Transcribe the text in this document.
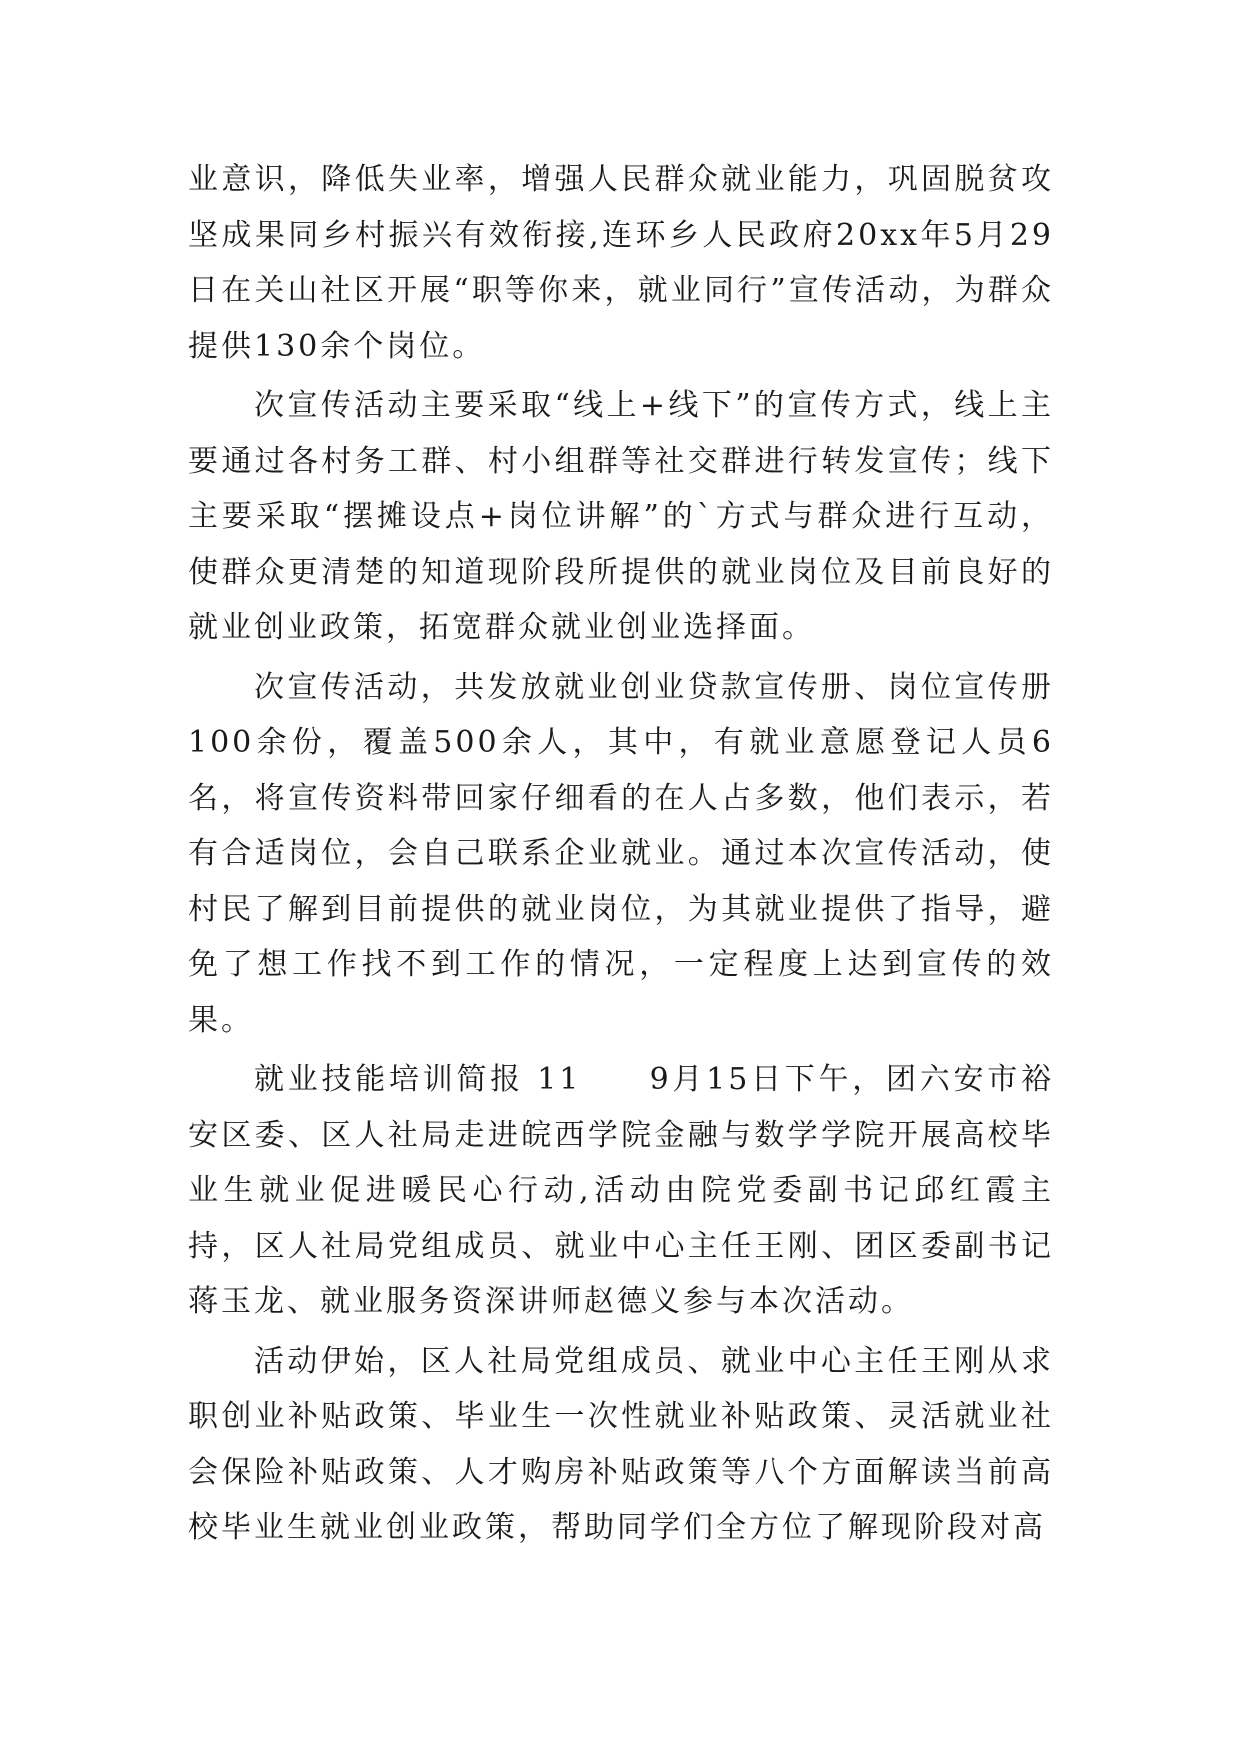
业意识，降低失业率，增强人民群众就业能力，巩固脱贫攻坚成果同乡村振兴有效衔接,连环乡人民政府20xx年5月29日在关山社区开展“职等你来，就业同行”宣传活动，为群众提供130余个岗位。

次宣传活动主要采取“线上+线下”的宣传方式，线上主要通过各村务工群、村小组群等社交群进行转发宣传；线下主要采取“摆摊设点+岗位讲解”的`方式与群众进行互动，使群众更清楚的知道现阶段所提供的就业岗位及目前良好的就业创业政策，拓宽群众就业创业选择面。

次宣传活动，共发放就业创业贷款宣传册、岗位宣传册100余份，覆盖500余人，其中，有就业意愿登记人员6名，将宣传资料带回家仔细看的在人占多数，他们表示，若有合适岗位，会自己联系企业就业。通过本次宣传活动，使村民了解到目前提供的就业岗位，为其就业提供了指导，避免了想工作找不到工作的情况，一定程度上达到宣传的效果。

就业技能培训简报 11　　9月15日下午，团六安市裕安区委、区人社局走进皖西学院金融与数学学院开展高校毕业生就业促进暖民心行动,活动由院党委副书记邱红霞主持，区人社局党组成员、就业中心主任王刚、团区委副书记蒋玉龙、就业服务资深讲师赵德义参与本次活动。

活动伊始，区人社局党组成员、就业中心主任王刚从求职创业补贴政策、毕业生一次性就业补贴政策、灵活就业社会保险补贴政策、人才购房补贴政策等八个方面解读当前高校毕业生就业创业政策，帮助同学们全方位了解现阶段对高
